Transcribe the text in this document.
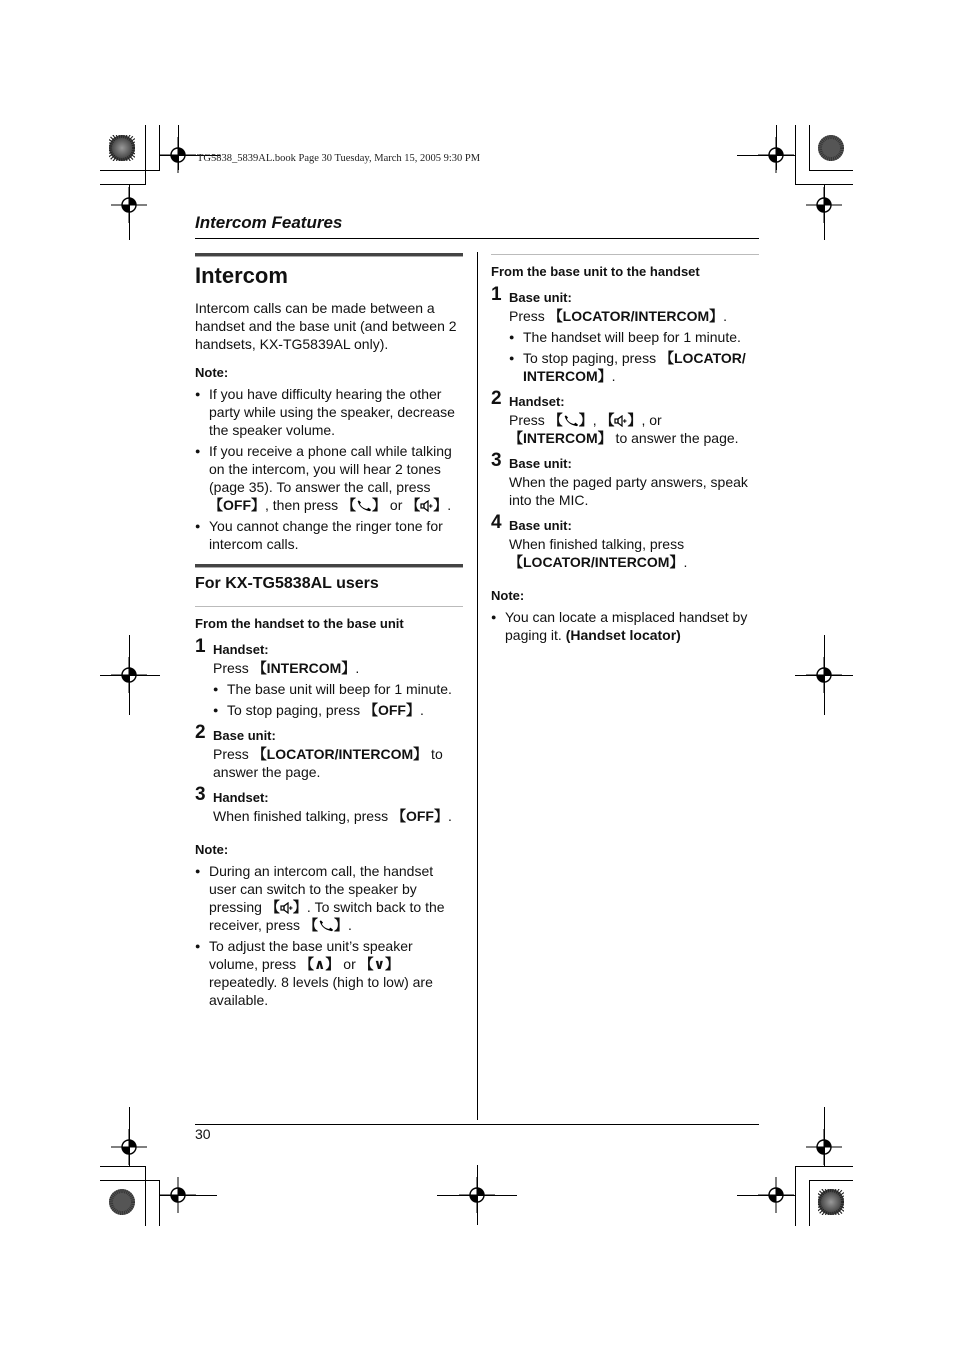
TG5838_5839AL.book Page 30 Tuesday, March 15, 2005 9:30 PM
Intercom Features
Intercom

Intercom calls can be made between a handset and the base unit (and between 2 handsets, KX-TG5839AL only).

Note:

● If you have difficulty hearing the other party while using the speaker, decrease the speaker volume.
● If you receive a phone call while talking on the intercom, you will hear 2 tones (page 35). To answer the call, press 【OFF】, then press 【 】 or 【 】.
● You cannot change the ringer tone for intercom calls.
For KX-TG5838AL users

From the handset to the base unit

1 Handset:

Press 【INTERCOM】.

● The base unit will beep for 1 minute.
● To stop paging, press 【OFF】.
2 Base unit:

Press 【LOCATOR/INTERCOM】 to answer the page.

3 Handset:

When finished talking, press 【OFF】.

Note:

● During an intercom call, the handset user can switch to the speaker by pressing 【 】. To switch back to the receiver, press 【 】.
● To adjust the base unit’s speaker volume, press 【∧】 or 【∨】 repeatedly. 8 levels (high to low) are available.

From the base unit to the handset

1 Base unit:

Press 【LOCATOR/INTERCOM】.

● The handset will beep for 1 minute.
● To stop paging, press 【LOCATOR/ INTERCOM】.
2 Handset:

Press 【 】, 【 】, or 【INTERCOM】 to answer the page.

3 Base unit:

When the paged party answers, speak into the MIC.

4 Base unit:

When finished talking, press 【LOCATOR/INTERCOM】.

Note:

● You can locate a misplaced handset by paging it. (Handset locator)
30
